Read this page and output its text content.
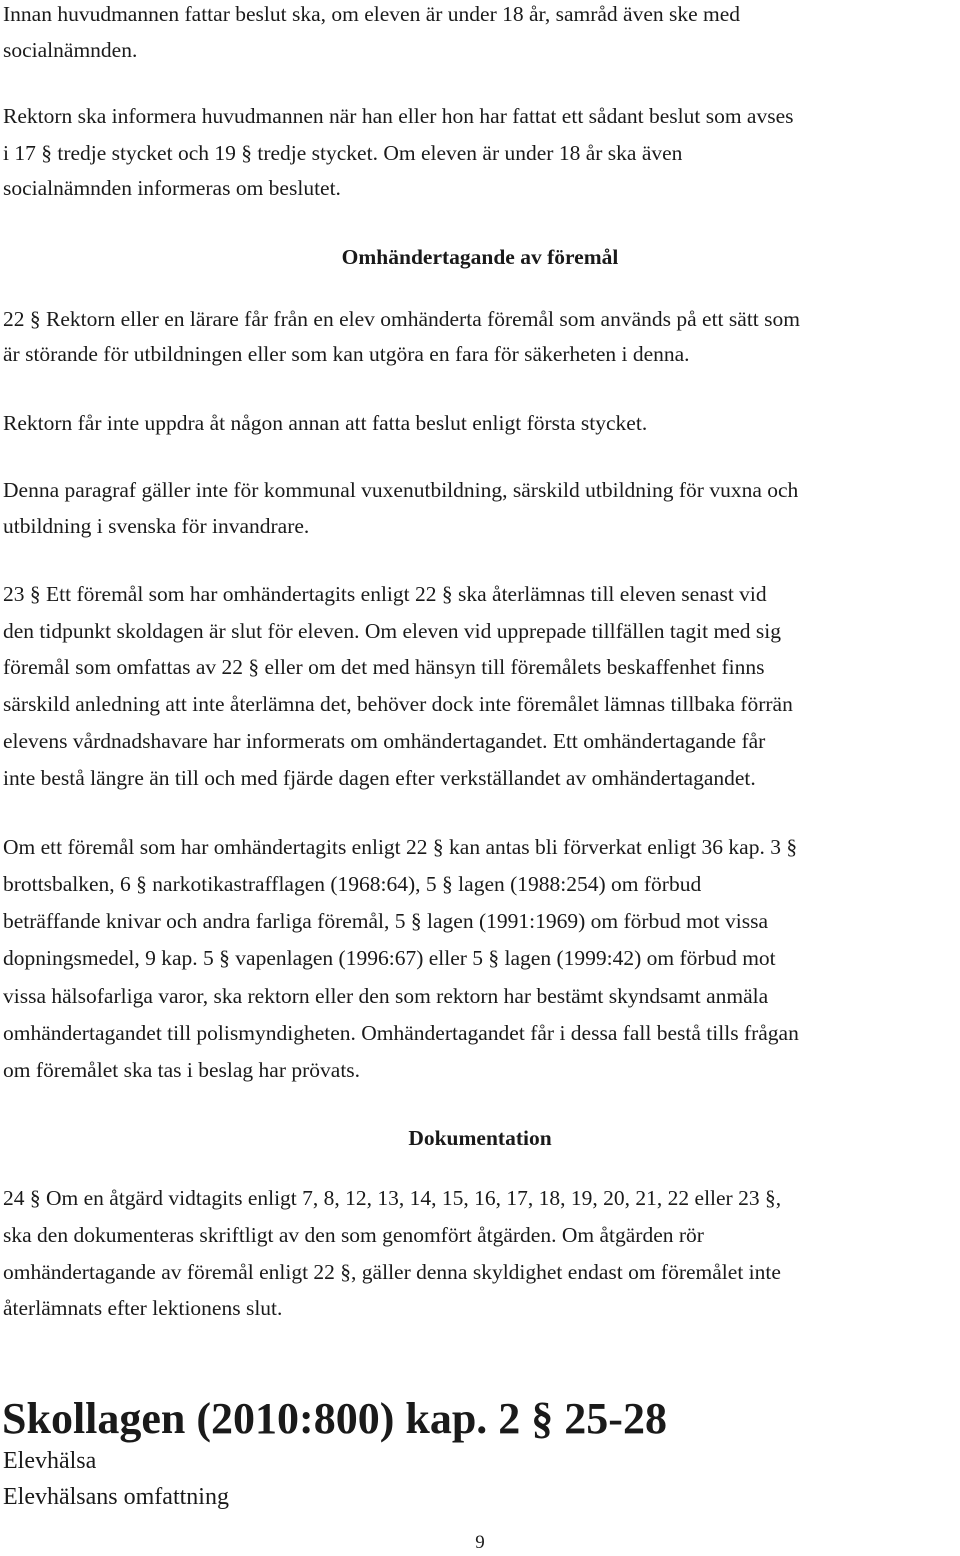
Innan huvudmannen fattar beslut ska, om eleven är under 18 år, samråd även ske med
socialnämnden.
Rektorn ska informera huvudmannen när han eller hon har fattat ett sådant beslut som avses
i 17 § tredje stycket och 19 § tredje stycket. Om eleven är under 18 år ska även
socialnämnden informeras om beslutet.
Omhändertagande av föremål
22 § Rektorn eller en lärare får från en elev omhänderta föremål som används på ett sätt som
är störande för utbildningen eller som kan utgöra en fara för säkerheten i denna.
Rektorn får inte uppdra åt någon annan att fatta beslut enligt första stycket.
Denna paragraf gäller inte för kommunal vuxenutbildning, särskild utbildning för vuxna och
utbildning i svenska för invandrare.
23 § Ett föremål som har omhändertagits enligt 22 § ska återlämnas till eleven senast vid
den tidpunkt skoldagen är slut för eleven. Om eleven vid upprepade tillfällen tagit med sig
föremål som omfattas av 22 § eller om det med hänsyn till föremålets beskaffenhet finns
särskild anledning att inte återlämna det, behöver dock inte föremålet lämnas tillbaka förrän
elevens vårdnadshavare har informerats om omhändertagandet. Ett omhändertagande får
inte bestå längre än till och med fjärde dagen efter verkställandet av omhändertagandet.
Om ett föremål som har omhändertagits enligt 22 § kan antas bli förverkat enligt 36 kap. 3 §
brottsbalken, 6 § narkotikastrafflagen (1968:64), 5 § lagen (1988:254) om förbud
beträffande knivar och andra farliga föremål, 5 § lagen (1991:1969) om förbud mot vissa
dopningsmedel, 9 kap. 5 § vapenlagen (1996:67) eller 5 § lagen (1999:42) om förbud mot
vissa hälsofarliga varor, ska rektorn eller den som rektorn har bestämt skyndsamt anmäla
omhändertagandet till polismyndigheten. Omhändertagandet får i dessa fall bestå tills frågan
om föremålet ska tas i beslag har prövats.
Dokumentation
24 § Om en åtgärd vidtagits enligt 7, 8, 12, 13, 14, 15, 16, 17, 18, 19, 20, 21, 22 eller 23 §,
ska den dokumenteras skriftligt av den som genomfört åtgärden. Om åtgärden rör
omhändertagande av föremål enligt 22 §, gäller denna skyldighet endast om föremålet inte
återlämnats efter lektionens slut.
Skollagen (2010:800) kap. 2 § 25-28
Elevhälsa
Elevhälsans omfattning
9
